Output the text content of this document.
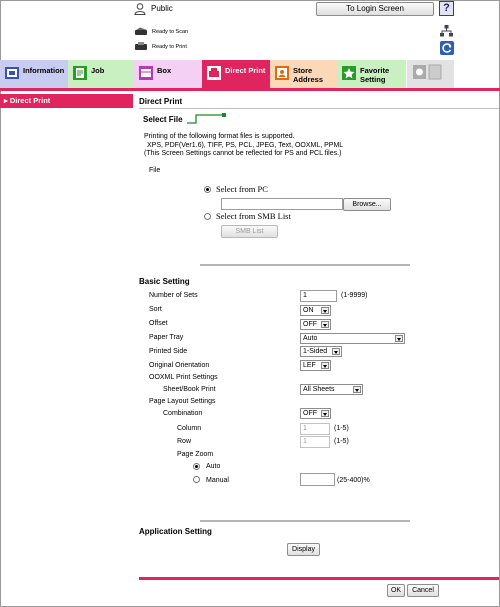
Public	To Login Screen	?
Ready to Scan
Ready to Print
Information	Job	Box	Direct Print	Store
Address
Favorite
Setting
▸ Direct Print	Direct Print
Select File
Printing of the following format files is supported.
XPS, PDF(Ver1.6), TIFF, PS, PCL, JPEG, Text, OOXML, PPML
(This Screen Settings cannot be reflected for PS and PCL files.)
File
Select from PC
Browse...
Select from SMB List
SMB List
Basic Setting
Number of Sets	1	(1-9999)
Sort	ON
Offset	OFF
Paper Tray	Auto
Printed Side	1-Sided
Original Orientation	LEF
OOXML Print Settings
Sheet/Book Print	All Sheets
Page Layout Settings
Combination	OFF
Column	1	(1-5)
Row	1	(1-5)
Page Zoom
Auto
Manual	(25-400)%
Application Setting
Display
OK	Cancel
